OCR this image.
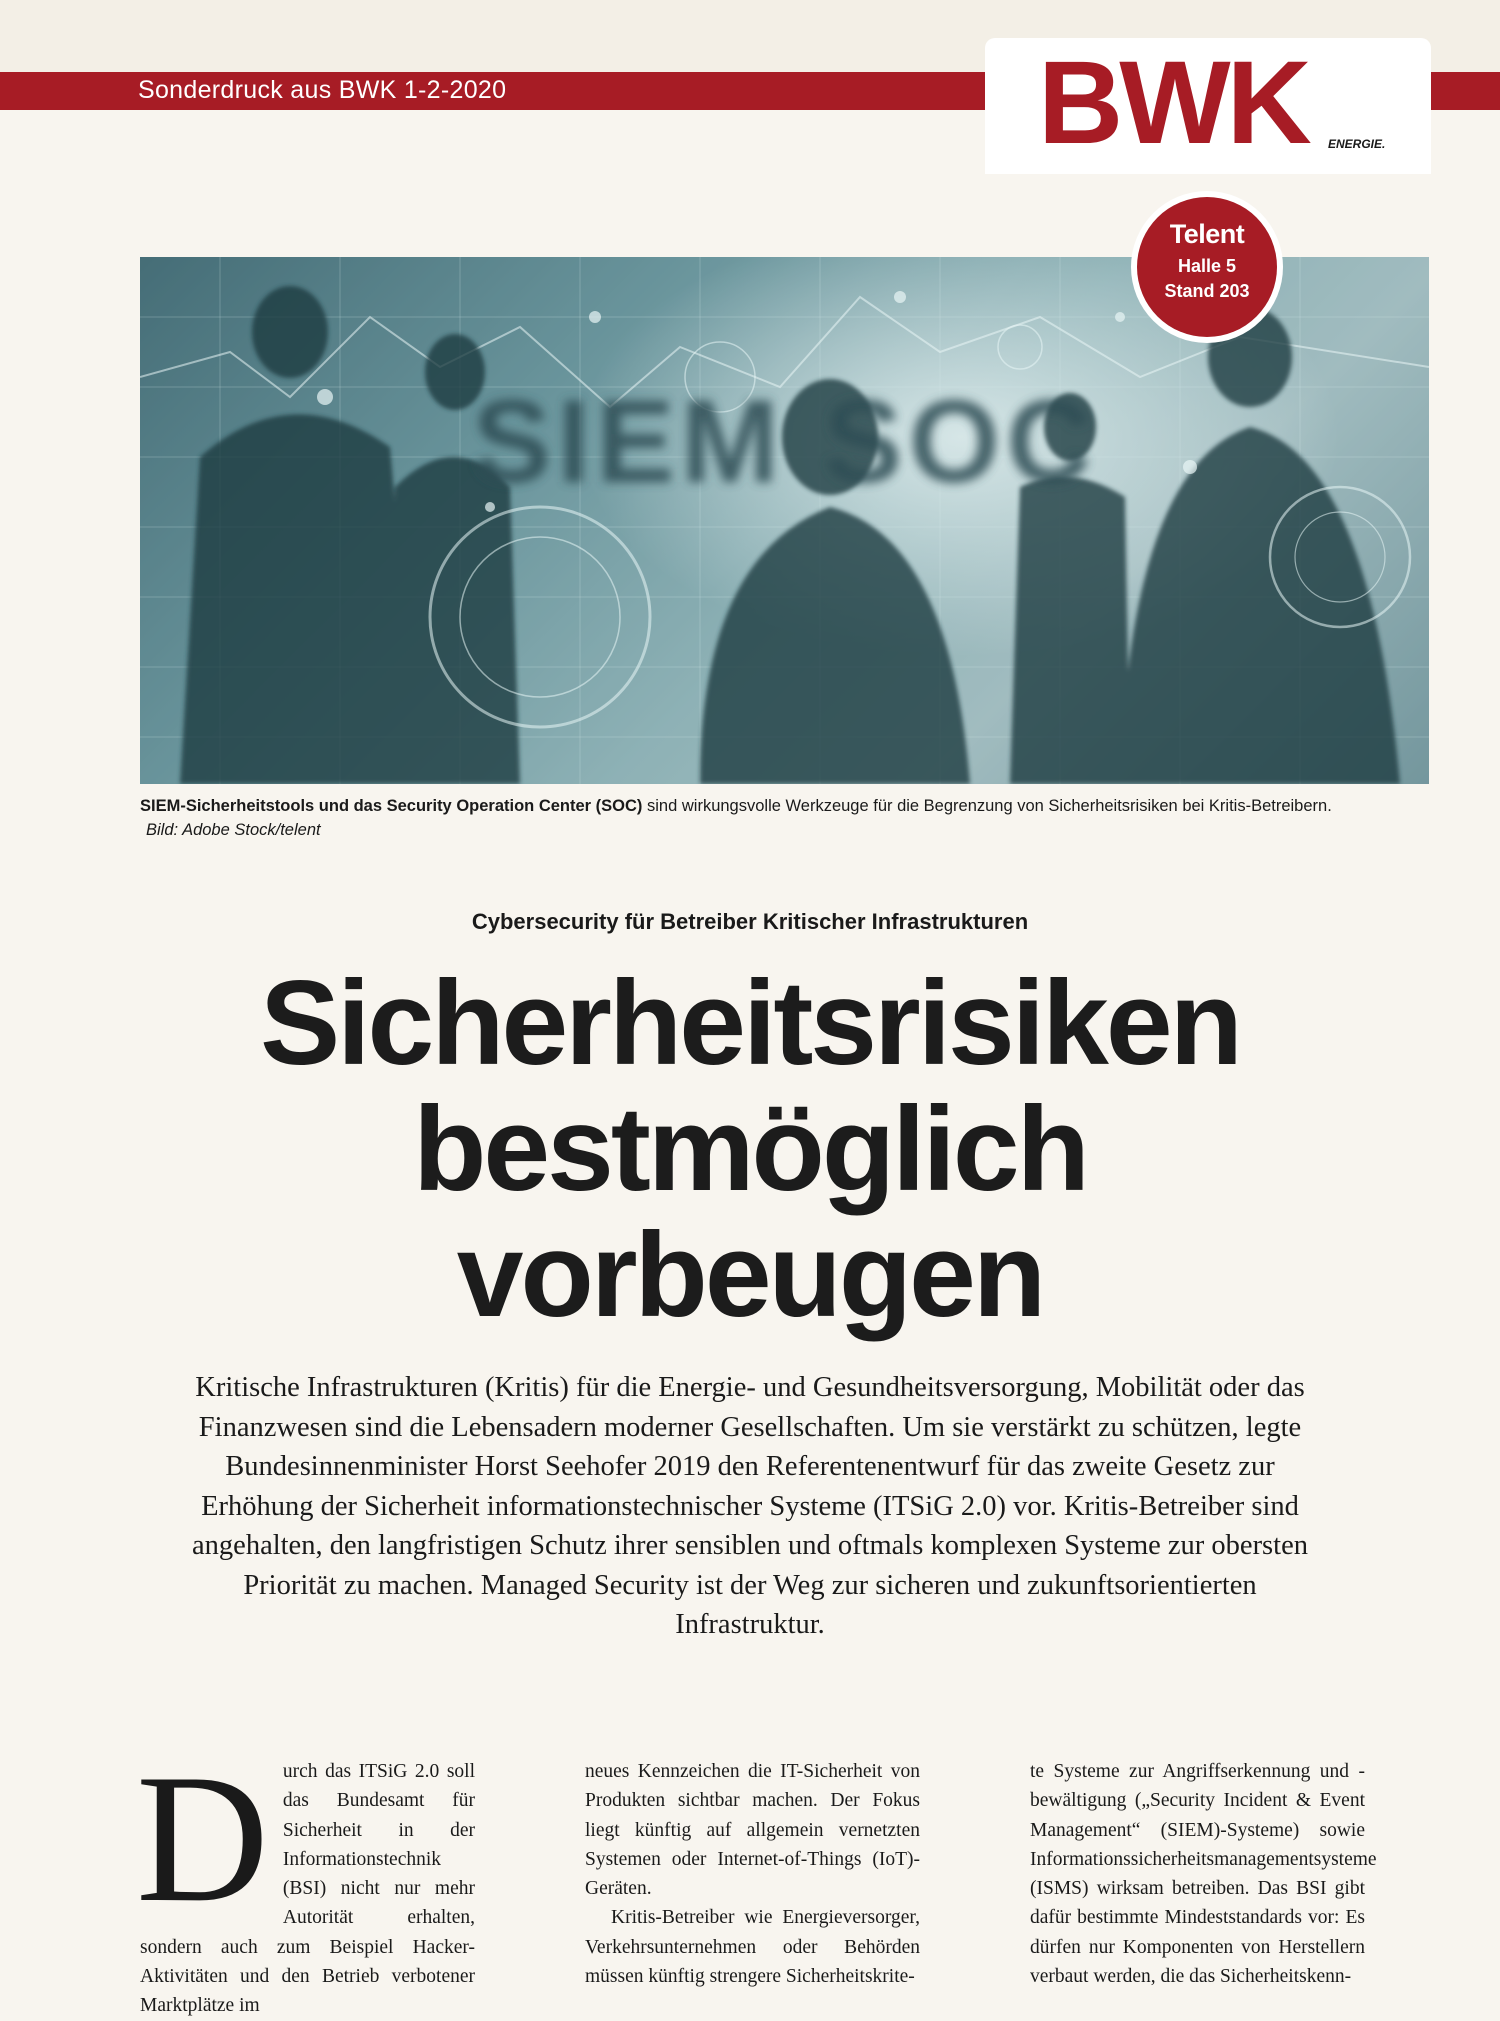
Sonderdruck aus BWK 1-2-2020	BWK ENERGIE.
SIEM SOC
Telent
Halle 5
Stand 203
SIEM-Sicherheitstools und das Security Operation Center (SOC) sind wirkungsvolle Werkzeuge für die Begrenzung von Sicherheitsrisiken bei Kritis-Betreibern. Bild: Adobe Stock/telent
Cybersecurity für Betreiber Kritischer Infrastrukturen
Sicherheitsrisiken
bestmöglich
vorbeugen
Kritische Infrastrukturen (Kritis) für die Energie- und Gesundheitsversorgung, Mobilität oder das Finanzwesen sind die Lebensadern moderner Gesellschaften. Um sie verstärkt zu schützen, legte Bundesinnenminister Horst Seehofer 2019 den Referentenentwurf für das zweite Gesetz zur Erhöhung der Sicherheit informationstechnischer Systeme (ITSiG 2.0) vor. Kritis-Betreiber sind angehalten, den langfristigen Schutz ihrer sensiblen und oftmals komplexen Systeme zur obersten Priorität zu machen. Managed Security ist der Weg zur sicheren und zukunftsorientierten Infrastruktur.
D urch das ITSiG 2.0 soll das Bundesamt für Sicherheit in der Informationstechnik (BSI) nicht nur mehr Autorität erhalten, sondern auch zum Beispiel Hacker-Aktivitäten und den Betrieb verbotener Marktplätze im

neues Kennzeichen die IT-Sicherheit von Produkten sichtbar machen. Der Fokus liegt künftig auf allgemein vernetzten Systemen oder Internet-of-Things (IoT)-Geräten.

Kritis-Betreiber wie Energieversorger, Verkehrsunternehmen oder Behörden müssen künftig strengere Sicherheitskrite-

te Systeme zur Angriffserkennung und -bewältigung („Security Incident & Event Management“ (SIEM)-Systeme) sowie Informationssicherheitsmanagementsysteme (ISMS) wirksam betreiben. Das BSI gibt dafür bestimmte Mindeststandards vor: Es dürfen nur Komponenten von Herstellern verbaut werden, die das Sicherheitskenn-
